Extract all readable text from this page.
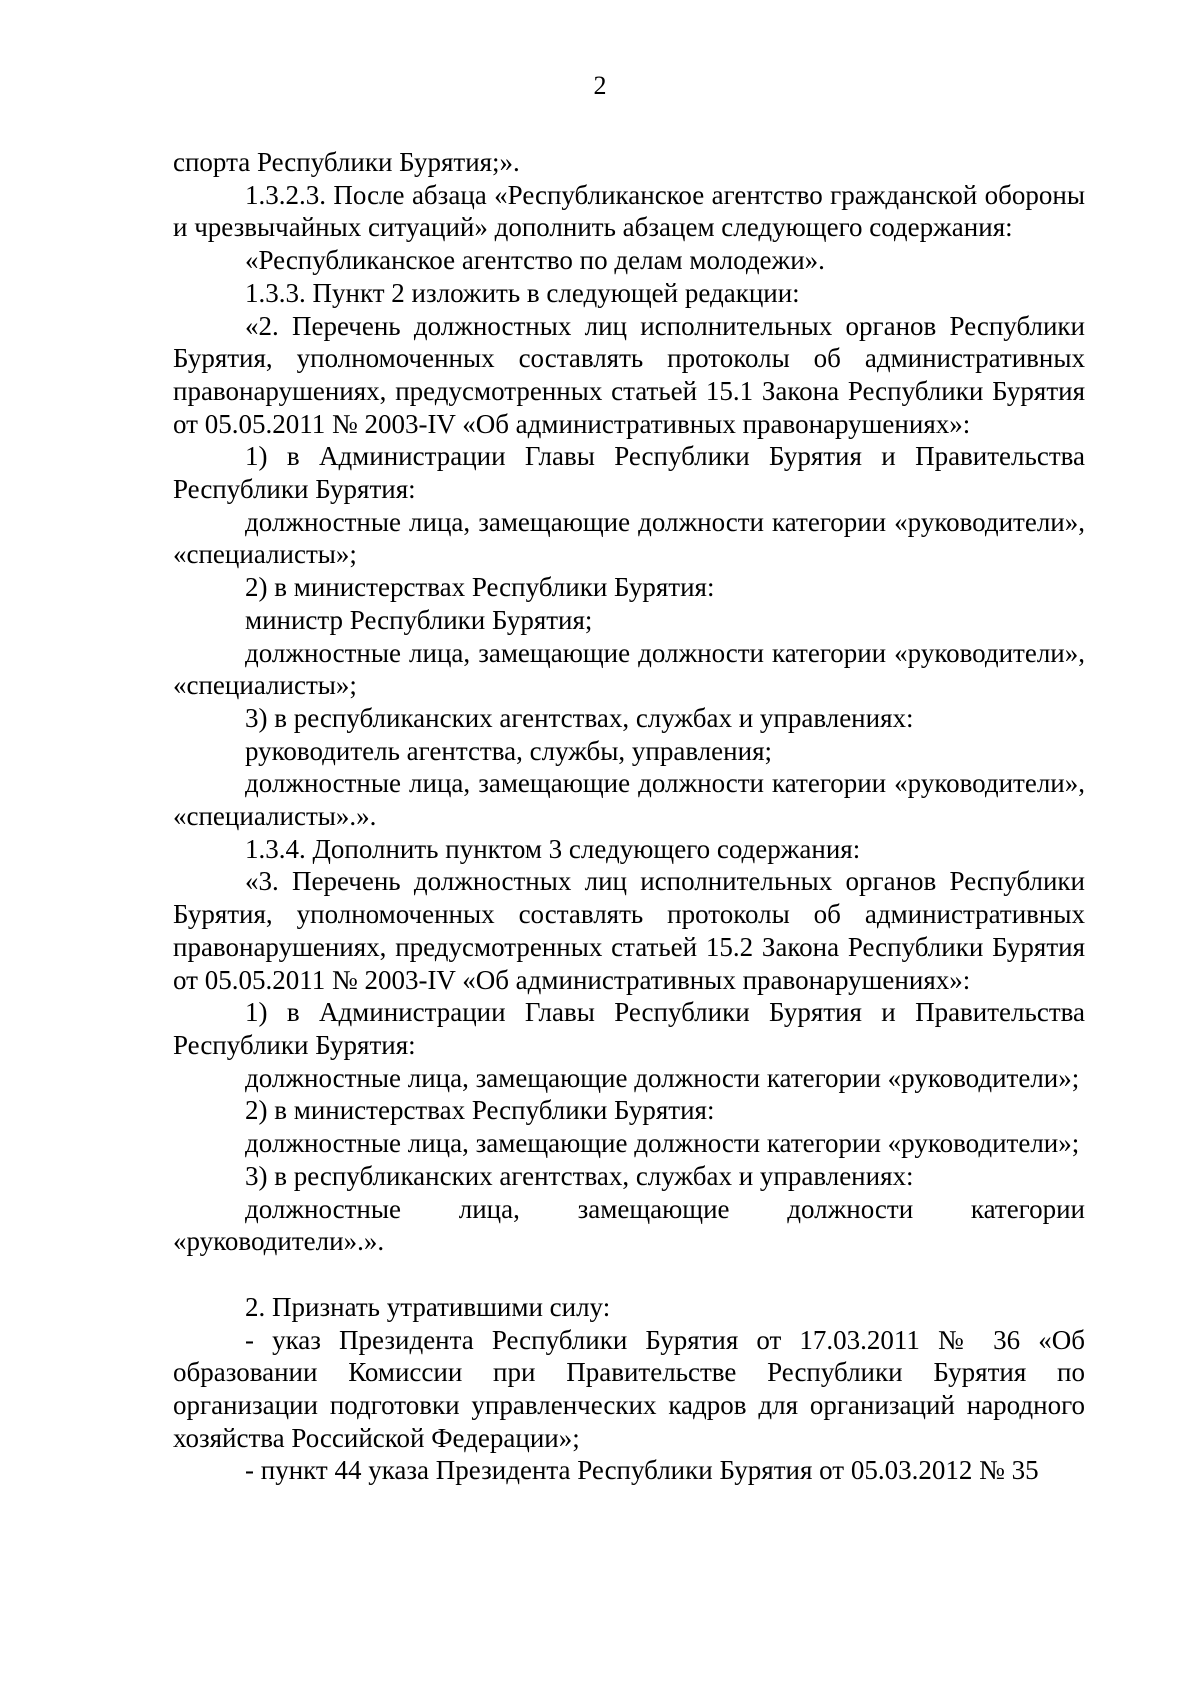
2

спорта Республики Бурятия;».

1.3.2.3. После абзаца «Республиканское агентство гражданской обороны и чрезвычайных ситуаций» дополнить абзацем следующего содержания:

«Республиканское агентство по делам молодежи».

1.3.3. Пункт 2 изложить в следующей редакции:

«2. Перечень должностных лиц исполнительных органов Республики Бурятия, уполномоченных составлять протоколы об административных правонарушениях, предусмотренных статьей 15.1 Закона Республики Бурятия от 05.05.2011 № 2003-IV «Об административных правонарушениях»:

1) в Администрации Главы Республики Бурятия и Правительства Республики Бурятия:

должностные лица, замещающие должности категории «руководители», «специалисты»;

2) в министерствах Республики Бурятия:

министр Республики Бурятия;

должностные лица, замещающие должности категории «руководители», «специалисты»;

3) в республиканских агентствах, службах и управлениях:

руководитель агентства, службы, управления;

должностные лица, замещающие должности категории «руководители», «специалисты».».

1.3.4. Дополнить пунктом 3 следующего содержания:

«3. Перечень должностных лиц исполнительных органов Республики Бурятия, уполномоченных составлять протоколы об административных правонарушениях, предусмотренных статьей 15.2 Закона Республики Бурятия от 05.05.2011 № 2003-IV «Об административных правонарушениях»:

1) в Администрации Главы Республики Бурятия и Правительства Республики Бурятия:

должностные лица, замещающие должности категории «руководители»;

2) в министерствах Республики Бурятия:

должностные лица, замещающие должности категории «руководители»;

3) в республиканских агентствах, службах и управлениях:

должностные лица, замещающие должности категории «руководители».».

2. Признать утратившими силу:

- указ Президента Республики Бурятия от 17.03.2011 № 36 «Об образовании Комиссии при Правительстве Республики Бурятия по организации подготовки управленческих кадров для организаций народного хозяйства Российской Федерации»;

- пункт 44 указа Президента Республики Бурятия от 05.03.2012 № 35
